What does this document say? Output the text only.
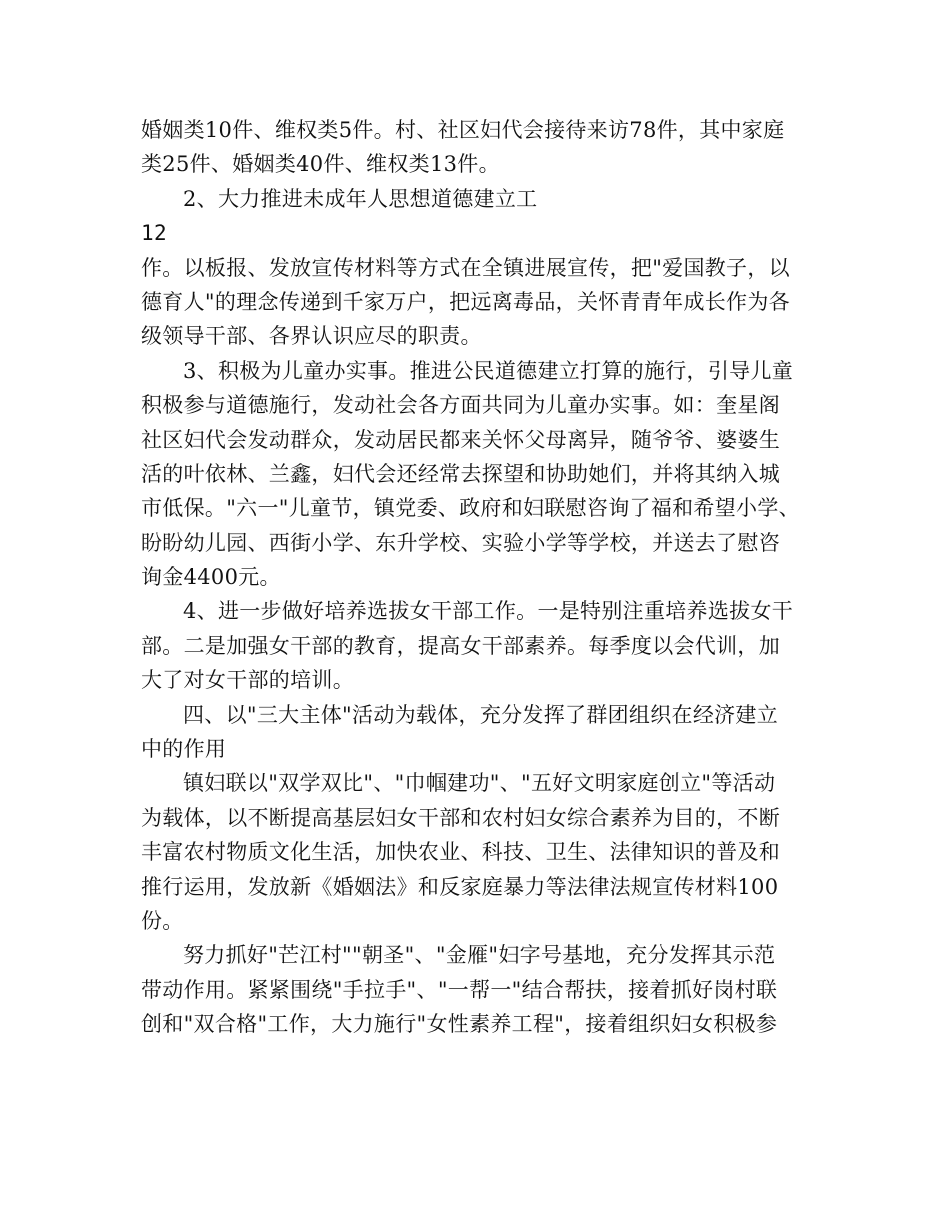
婚姻类10件、维权类5件。村、社区妇代会接待来访78件，其中家庭
类25件、婚姻类40件、维权类13件。
2、大力推进未成年人思想道德建立工
12
作。以板报、发放宣传材料等方式在全镇进展宣传，把"爱国教子，以
德育人"的理念传递到千家万户，把远离毒品，关怀青青年成长作为各
级领导干部、各界认识应尽的职责。
3、积极为儿童办实事。推进公民道德建立打算的施行，引导儿童
积极参与道德施行，发动社会各方面共同为儿童办实事。如：奎星阁
社区妇代会发动群众，发动居民都来关怀父母离异，随爷爷、婆婆生
活的叶依林、兰鑫，妇代会还经常去探望和协助她们，并将其纳入城
市低保。"六一"儿童节，镇党委、政府和妇联慰咨询了福和希望小学、
盼盼幼儿园、西街小学、东升学校、实验小学等学校，并送去了慰咨
询金4400元。
4、进一步做好培养选拔女干部工作。一是特别注重培养选拔女干
部。二是加强女干部的教育，提高女干部素养。每季度以会代训，加
大了对女干部的培训。
四、以"三大主体"活动为载体，充分发挥了群团组织在经济建立
中的作用
镇妇联以"双学双比"、"巾帼建功"、"五好文明家庭创立"等活动
为载体，以不断提高基层妇女干部和农村妇女综合素养为目的，不断
丰富农村物质文化生活，加快农业、科技、卫生、法律知识的普及和
推行运用，发放新《婚姻法》和反家庭暴力等法律法规宣传材料100
份。
努力抓好"芒江村""朝圣"、"金雁"妇字号基地，充分发挥其示范
带动作用。紧紧围绕"手拉手"、"一帮一"结合帮扶，接着抓好岗村联
创和"双合格"工作，大力施行"女性素养工程"，接着组织妇女积极参
